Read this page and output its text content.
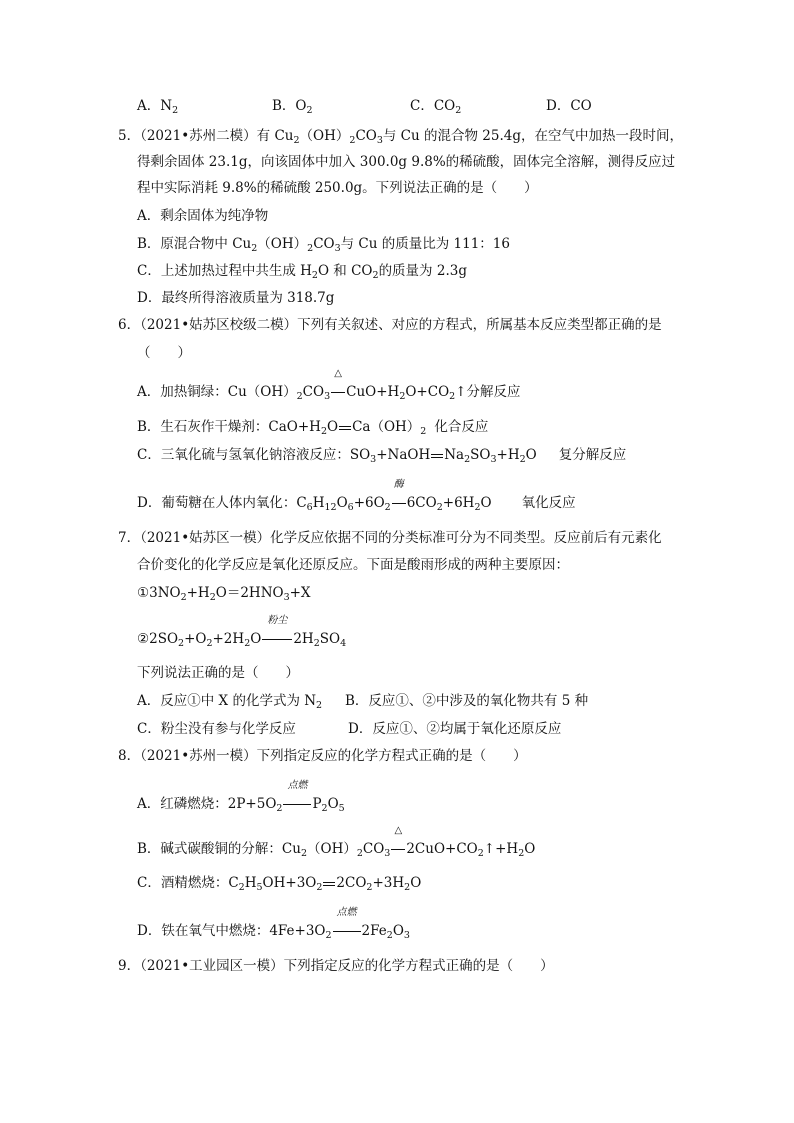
A．$N_2$	B．$O_2$	C．$CO_2$	D．CO
5．（2021•苏州二模）有 $Cu_2(OH)_2CO_3$与 Cu 的混合物 25.4g，在空气中加热一段时间，
得剩余固体 23.1g，向该固体中加入 300.0g 9.8%的稀硫酸，固体完全溶解，测得反应过
程中实际消耗 9.8%的稀硫酸 250.0g。下列说法正确的是（　　）
A．剩余固体为纯净物
B．原混合物中 $Cu_2(OH)_2CO_3$与 Cu 的质量比为 111：16
C．上述加热过程中共生成 $H_2O$ 和 $CO_2$的质量为 2.3g
D．最终所得溶液质量为 318.7g
6．（2021•姑苏区校级二模）下列有关叙述、对应的方程式，所属基本反应类型都正确的是
（　　）
A．加热铜绿：$Cu(OH)_2CO_3$
△
$CuO+H_2O+CO_2↑$分解反应
B．生石灰作干燥剂：$CaO+H_2O$ $Ca(OH)_2$ 化合反应
C．三氧化硫与氢氧化钠溶液反应：$SO_3+NaOH$ $Na_2SO_3+H_2O$ 复分解反应
D．葡萄糖在人体内氧化：$C_6H_{12}O_6+6O_2$
酶
$6CO_2+6H_2O$ 氧化反应
7．（2021•姑苏区一模）化学反应依据不同的分类标准可分为不同类型。反应前后有元素化
合价变化的化学反应是氧化还原反应。下面是酸雨形成的两种主要原因：
$①3NO_2+H_2O=2HNO_3+X$
$②2SO_2+O_2+2H_2O$
粉尘
$2H_2SO_4$
下列说法正确的是（　　）
A．反应①中 X 的化学式为 $N_2$ B．反应①、②中涉及的氧化物共有 5 种
C．粉尘没有参与化学反应	D．反应①、②均属于氧化还原反应
8．（2021•苏州一模）下列指定反应的化学方程式正确的是（　　）
A．红磷燃烧：$2P+5O_2$
点燃
$P_2O_5$
B．碱式碳酸铜的分解：$Cu_2(OH)_2CO_3$
△
$2CuO+CO_2↑+H_2O$
C．酒精燃烧：$C_2H_5OH+3O_2$ $2CO_2+3H_2O$
D．铁在氧气中燃烧：$4Fe+3O_2$
点燃
$2Fe_2O_3$
9．（2021•工业园区一模）下列指定反应的化学方程式正确的是（　　）
